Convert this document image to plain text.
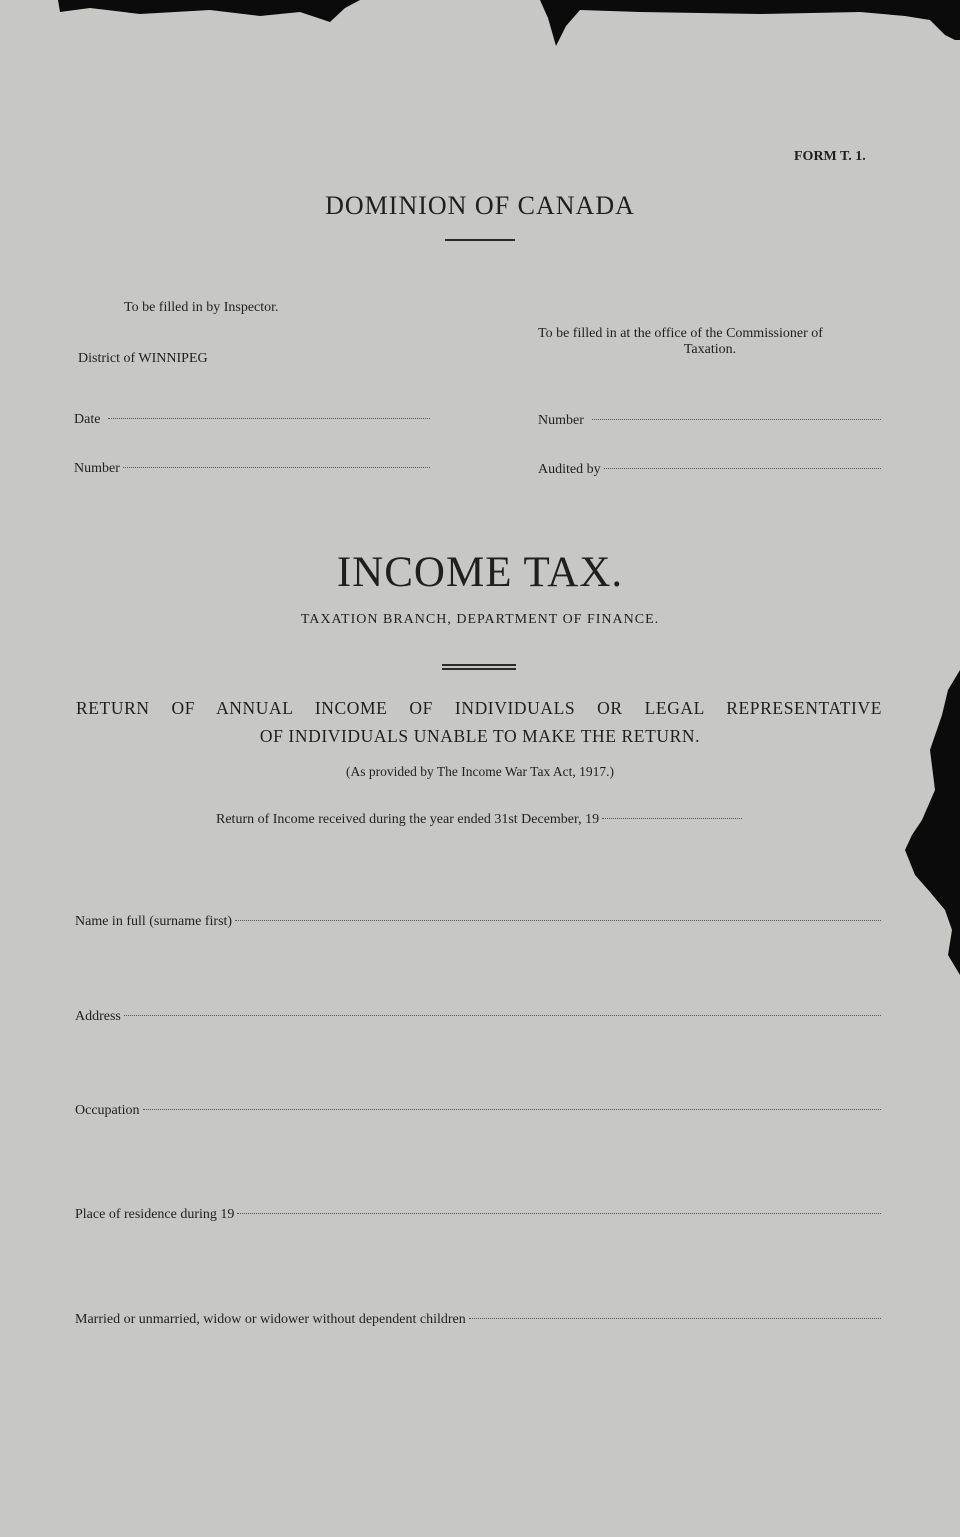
FORM T. 1.
DOMINION OF CANADA
To be filled in by Inspector.
District of WINNIPEG
To be filled in at the office of the Commissioner of
Taxation.
Date
Number
Number
Audited by
INCOME TAX.
TAXATION BRANCH, DEPARTMENT OF FINANCE.
RETURN OF ANNUAL INCOME OF INDIVIDUALS OR LEGAL REPRESENTATIVE
OF INDIVIDUALS UNABLE TO MAKE THE RETURN.
(As provided by The Income War Tax Act, 1917.)
Return of Income received during the year ended 31st December, 19
Name in full (surname first)
Address
Occupation
Place of residence during 19
Married or unmarried, widow or widower without dependent children
